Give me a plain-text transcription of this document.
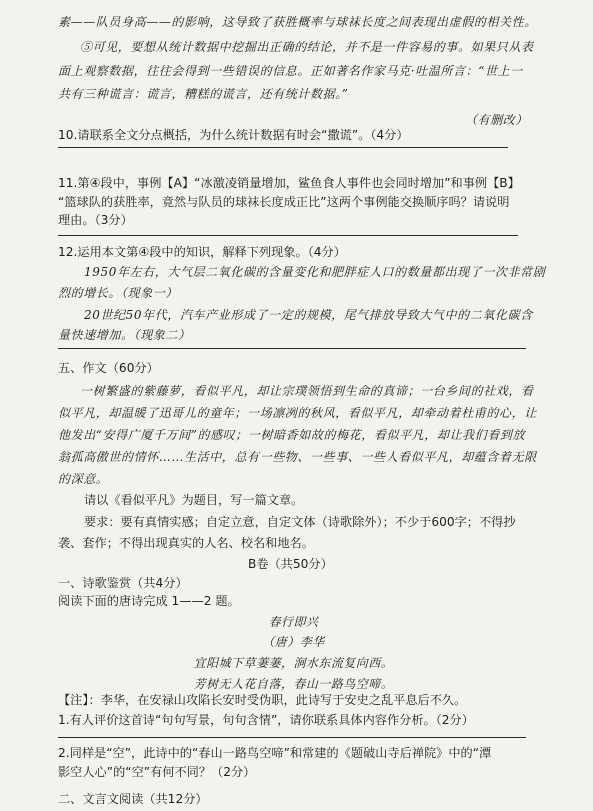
素——队员身高——的影响，这导致了获胜概率与球袜长度之间表现出虚假的相关性。
⑤可见，要想从统计数据中挖掘出正确的结论，并不是一件容易的事。如果只从表
面上观察数据，往往会得到一些错误的信息。正如著名作家马克·吐温所言：“世上一
共有三种谎言：谎言，糟糕的谎言，还有统计数据。”
（有删改）
10.请联系全文分点概括，为什么统计数据有时会“撒谎”。（4分）
11.第④段中，事例【A】“冰激凌销量增加，鲨鱼食人事件也会同时增加”和事例【B】
“篮球队的获胜率，竟然与队员的球袜长度成正比”这两个事例能交换顺序吗？请说明
理由。（3分）
12.运用本文第④段中的知识，解释下列现象。（4分）
1950年左右，大气层二氧化碳的含量变化和肥胖症人口的数量都出现了一次非常剧
烈的增长。（现象一）
20世纪50年代，汽车产业形成了一定的规模，尾气排放导致大气中的二氧化碳含
量快速增加。（现象二）
五、作文（60分）
一树繁盛的紫藤萝，看似平凡，却让宗璞领悟到生命的真谛；一台乡间的社戏，看
似平凡，却温暖了迅哥儿的童年；一场凛冽的秋风，看似平凡，却牵动着杜甫的心，让
他发出“安得广厦千万间”的感叹；一树暗香如故的梅花，看似平凡，却让我们看到放
翁孤高傲世的情怀……生活中，总有一些物、一些事、一些人看似平凡，却蕴含着无限
的深意。
请以《看似平凡》为题目，写一篇文章。
要求：要有真情实感；自定立意，自定文体（诗歌除外）；不少于600字；不得抄
袭、套作；不得出现真实的人名、校名和地名。
B卷（共50分）
一、诗歌鉴赏（共4分）
阅读下面的唐诗完成 1——2 题。
春行即兴
（唐）李华
宜阳城下草萋萋，涧水东流复向西。
芳树无人花自落，春山一路鸟空啼。
【注】：李华，在安禄山攻陷长安时受伪职，此诗写于安史之乱平息后不久。
1.有人评价这首诗“句句写景，句句含情”，请你联系具体内容作分析。（2分）
2.同样是“空”，此诗中的“春山一路鸟空啼”和常建的《题破山寺后禅院》中的“潭
影空人心”的“空”有何不同？（2分）
二、文言文阅读（共12分）
